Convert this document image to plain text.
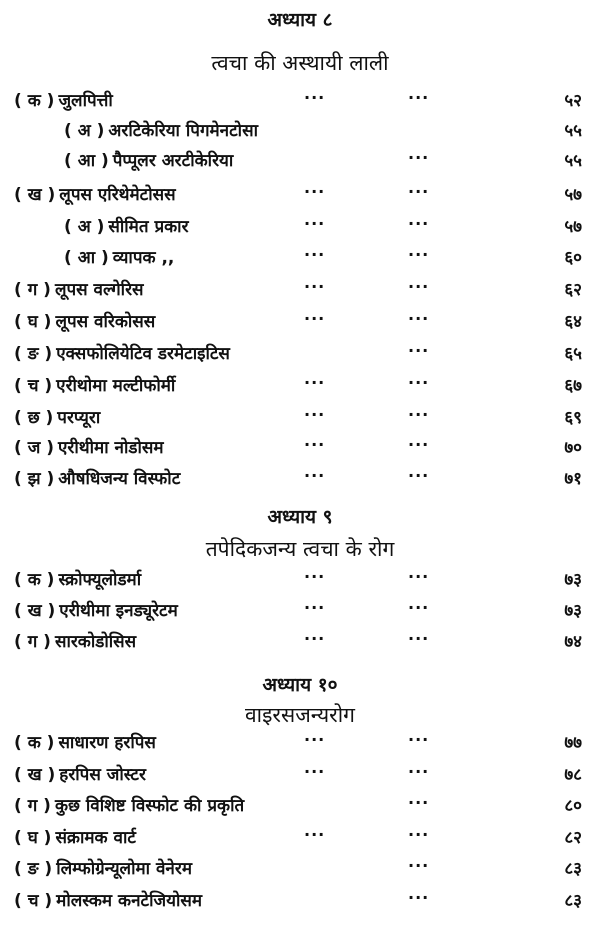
अध्याय ८
त्वचा की अस्थायी लाली
( क ) जुलपित्ती	···	···	५२
( अ ) अरटिकेरिया पिगमेनटोसा	५५
( आ ) पैप्पूलर अरटीकेरिया	···	५५
( ख ) लूपस एरिथेमेटोसस	···	···	५७
( अ ) सीमित प्रकार	···	···	५७
( आ ) व्यापक ,,	···	···	६०
( ग ) लूपस वल्गेरिस	···	···	६२
( घ ) लूपस वरिकोसस	···	···	६४
( ङ ) एक्सफोलियेटिव डरमेटाइटिस	···	६५
( च ) एरीथोमा मल्टीफोर्मी	···	···	६७
( छ ) परप्यूरा	···	···	६९
( ज ) एरीथीमा नोडोसम	···	···	७०
( झ ) औषधिजन्य विस्फोट	···	···	७१
अध्याय ९
तपेदिकजन्य त्वचा के रोग
( क ) स्क्रोफ्यूलोडर्मा	···	···	७३
( ख ) एरीथीमा इनड्यूरेटम	···	···	७३
( ग ) सारकोडोसिस	···	···	७४
अध्याय १०
वाइरसजन्यरोग
( क ) साधारण हरपिस	···	···	७७
( ख ) हरपिस जोस्टर	···	···	७८
( ग ) कुछ विशिष्ट विस्फोट की प्रकृति	···	८०
( घ ) संक्रामक वार्ट	···	···	८२
( ङ ) लिम्फोग्रेन्यूलोमा वेनेरम	···	८३
( च ) मोलस्कम कनटेजियोसम	···	८३
